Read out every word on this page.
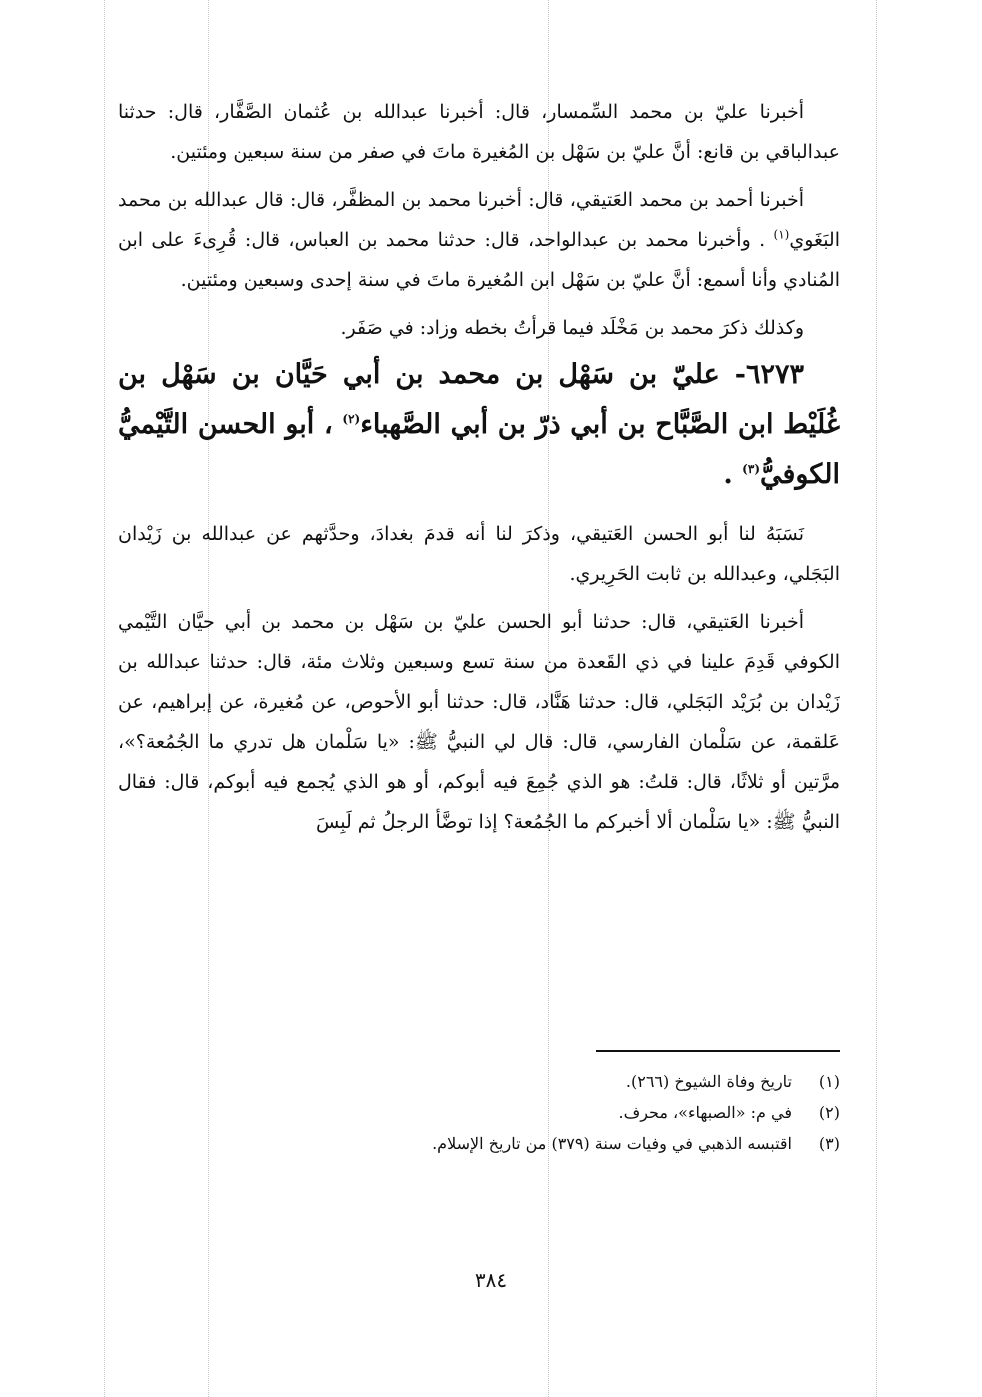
أخبرنا عليّ بن محمد السِّمسار، قال: أخبرنا عبدالله بن عُثمان الصَّفَّار، قال: حدثنا عبدالباقي بن قانع: أنَّ عليّ بن سَهْل بن المُغيرة ماتَ في صفر من سنة سبعين ومئتين.

أخبرنا أحمد بن محمد العَتيقي، قال: أخبرنا محمد بن المظفَّر، قال: قال عبدالله بن محمد البَغَوي$^{(١)}$ . وأخبرنا محمد بن عبدالواحد، قال: حدثنا محمد بن العباس، قال: قُرِىءَ على ابن المُنادي وأنا أسمع: أنَّ عليّ بن سَهْل ابن المُغيرة ماتَ في سنة إحدى وسبعين ومئتين.

وكذلك ذكرَ محمد بن مَخْلَد فيما قرأتُ بخطه وزاد: في صَفَر.

٦٢٧٣- عليّ بن سَهْل بن محمد بن أبي حَيَّان بن سَهْل بن غُلَيْط ابن الصَّبَّاح بن أبي ذرّ بن أبي الصَّهباء$^{(٢)}$ ، أبو الحسن التَّيْميُّ الكوفيُّ$^{(٣)}$ .

نَسَبَهُ لنا أبو الحسن العَتيقي، وذكرَ لنا أنه قدمَ بغدادَ، وحدَّثهم عن عبدالله بن زَيْدان البَجَلي، وعبدالله بن ثابت الحَرِيري.

أخبرنا العَتيقي، قال: حدثنا أبو الحسن عليّ بن سَهْل بن محمد بن أبي حيَّان التَّيْمي الكوفي قَدِمَ علينا في ذي القَعدة من سنة تسع وسبعين وثلاث مئة، قال: حدثنا عبدالله بن زَيْدان بن بُرَيْد البَجَلي، قال: حدثنا هَنَّاد، قال: حدثنا أبو الأحوص، عن مُغيرة، عن إبراهيم، عن عَلقمة، عن سَلْمان الفارسي، قال: قال لي النبيُّ ﷺ: «يا سَلْمان هل تدري ما الجُمُعة؟»، مرَّتين أو ثلاثًا، قال: قلتُ: هو الذي جُمِعَ فيه أبوكم، أو هو الذي يُجمع فيه أبوكم، قال: فقال النبيُّ ﷺ: «يا سَلْمان ألا أخبركم ما الجُمُعة؟ إذا توضَّأ الرجلُ ثم لَبِسَ

(١)
تاريخ وفاة الشيوخ (٢٦٦).
(٢)
في م: «الصبهاء»، محرف.
(٣)
اقتبسه الذهبي في وفيات سنة (٣٧٩) من تاريخ الإسلام.
٣٨٤
